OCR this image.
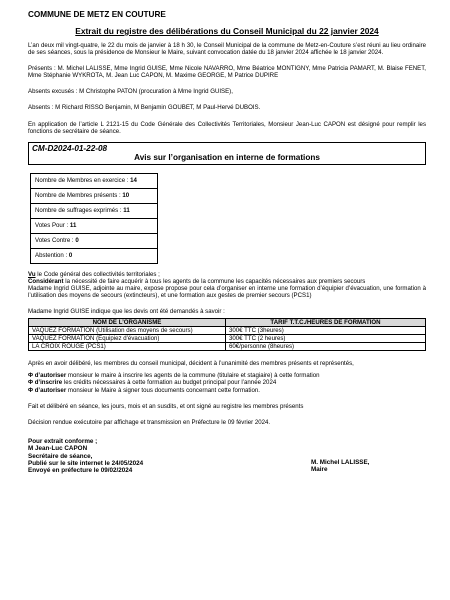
COMMUNE DE METZ EN COUTURE
Extrait du registre des délibérations du Conseil Municipal du 22 janvier 2024

L’an deux mil vingt-quatre, le 22 du mois de janvier à 18 h 30, le Conseil Municipal de la commune de Metz-en-Couture s’est réuni au lieu ordinaire de ses séances, sous la présidence de Monsieur le Maire, suivant convocation datée du 18 janvier 2024 affichée le 18 janvier 2024.

Présents : M. Michel LALISSE, Mme Ingrid GUISE, Mme Nicole NAVARRO, Mme Béatrice MONTIGNY, Mme Patricia PAMART, M. Blaise FENET, Mme Stéphanie WYKROTA, M. Jean Luc CAPON, M. Maxime GEORGE, M Patrice DUPIRE

Absents excusés : M Christophe PATON (procuration à Mme Ingrid GUISE),

Absents : M Richard RISSO Benjamin, M Benjamin GOUBET, M Paul-Hervé DUBOIS.

En application de l’article L 2121-15 du Code Générale des Collectivités Territoriales, Monsieur Jean-Luc CAPON est désigné pour remplir les fonctions de secrétaire de séance.

CM-D2024-01-22-08
Avis sur l’organisation en interne de formations
Nombre de Membres en exercice : 14
Nombre de Membres présents : 10
Nombre de suffrages exprimés : 11
Votes Pour : 11
Votes Contre : 0
Abstention : 0

Vu le Code général des collectivités territoriales ;

Considérant la nécessité de faire acquérir à tous les agents de la commune les capacités nécessaires aux premiers secours

Madame Ingrid GUISE, adjointe au maire, expose propose pour cela d’organiser en interne une formation d’équipier d’évacuation, une formation à l’utilisation des moyens de secours (extincteurs), et une formation aux gestes de premier secours (PCS1)

Madame Ingrid GUISE indique que les devis ont été demandés à savoir :

NOM DE L’ORGANISME	TARIF T.T.C./HEURES DE FORMATION
VAQUEZ FORMATION (Utilisation des moyens de secours)	300€ TTC (3heures)
VAQUEZ FORMATION (Equipiez d’évacuation)	300€ TTC (2 heures)
LA CROIX ROUGE (PCS1)	60€/personne (8heures)

Après en avoir délibéré, les membres du conseil municipal, décident à l’unanimité des membres présents et représentés,

Φ d’autoriser monsieur le maire à inscrire les agents de la commune (titulaire et stagiaire) à cette formation

Φ d’inscrire les crédits nécessaires à cette formation au budget principal pour l’année 2024

Φ d’autoriser monsieur le Maire à signer tous documents concernant cette formation.

Fait et délibéré en séance, les jours, mois et an susdits, et ont signé au registre les membres présents

Décision rendue exécutoire par affichage et transmission en Préfecture le 09 février 2024.

Pour extrait conforme ;
M Jean-Luc CAPON
Secrétaire de séance,
Publié sur le site internet le 24/05/2024
Envoyé en préfecture le 09/02/2024
M. Michel LALISSE,
Maire
